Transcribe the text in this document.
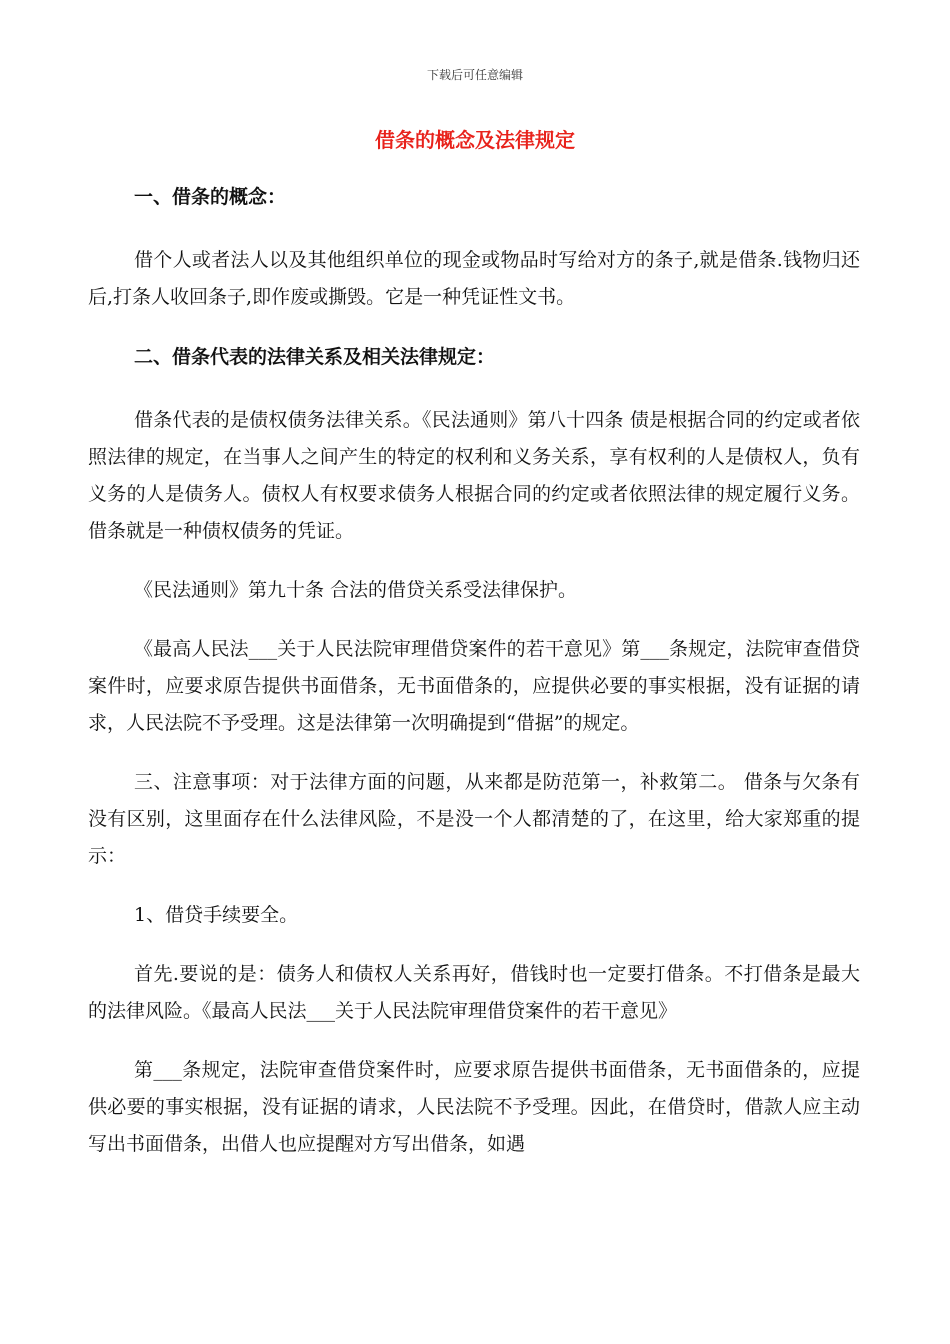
下载后可任意编辑
借条的概念及法律规定
一、借条的概念：

借个人或者法人以及其他组织单位的现金或物品时写给对方的条子,就是借条.钱物归还后,打条人收回条子,即作废或撕毁。它是一种凭证性文书。

二、借条代表的法律关系及相关法律规定：

借条代表的是债权债务法律关系。《民法通则》第八十四条 债是根据合同的约定或者依照法律的规定，在当事人之间产生的特定的权利和义务关系，享有权利的人是债权人，负有义务的人是债务人。债权人有权要求债务人根据合同的约定或者依照法律的规定履行义务。借条就是一种债权债务的凭证。

《民法通则》第九十条 合法的借贷关系受法律保护。

《最高人民法___关于人民法院审理借贷案件的若干意见》第___条规定，法院审查借贷案件时，应要求原告提供书面借条，无书面借条的，应提供必要的事实根据，没有证据的请求，人民法院不予受理。这是法律第一次明确提到“借据”的规定。

三、注意事项：对于法律方面的问题，从来都是防范第一，补救第二。 借条与欠条有没有区别，这里面存在什么法律风险，不是没一个人都清楚的了，在这里，给大家郑重的提示：

1、借贷手续要全。

首先.要说的是：债务人和债权人关系再好，借钱时也一定要打借条。不打借条是最大的法律风险。《最高人民法___关于人民法院审理借贷案件的若干意见》

第___条规定，法院审查借贷案件时，应要求原告提供书面借条，无书面借条的，应提供必要的事实根据，没有证据的请求，人民法院不予受理。因此，在借贷时，借款人应主动写出书面借条，出借人也应提醒对方写出借条，如遇
